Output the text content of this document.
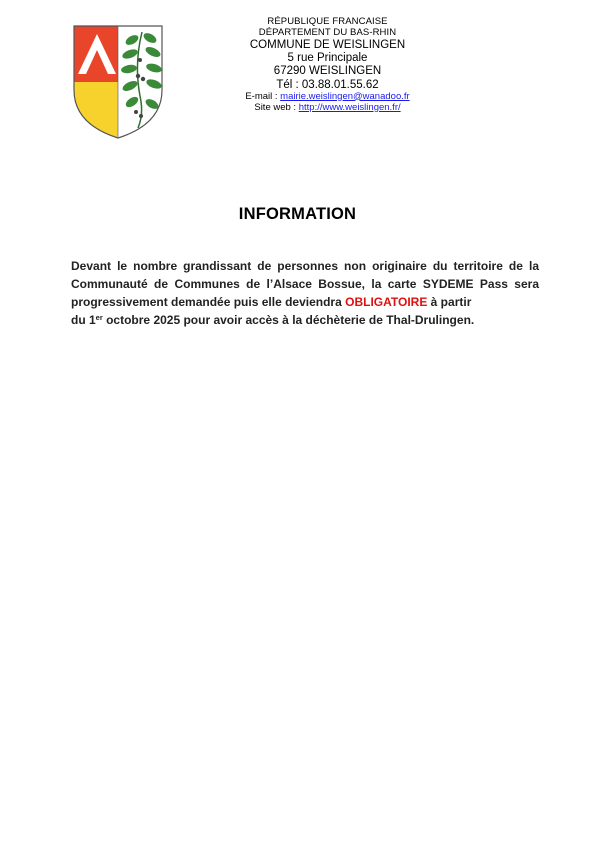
RÉPUBLIQUE FRANCAISE
DÉPARTEMENT DU BAS-RHIN
COMMUNE DE WEISLINGEN
5 rue Principale
67290 WEISLINGEN
Tél : 03.88.01.55.62
E-mail : mairie.weislingen@wanadoo.fr
Site web : http://www.weislingen.fr/
INFORMATION
Devant le nombre grandissant de personnes non originaire du territoire de la
Communauté de Communes de l’Alsace Bossue, la carte SYDEME Pass sera
progressivement demandée puis elle deviendra OBLIGATOIRE à partir
du 1er octobre 2025 pour avoir accès à la déchèterie de Thal-Drulingen.
